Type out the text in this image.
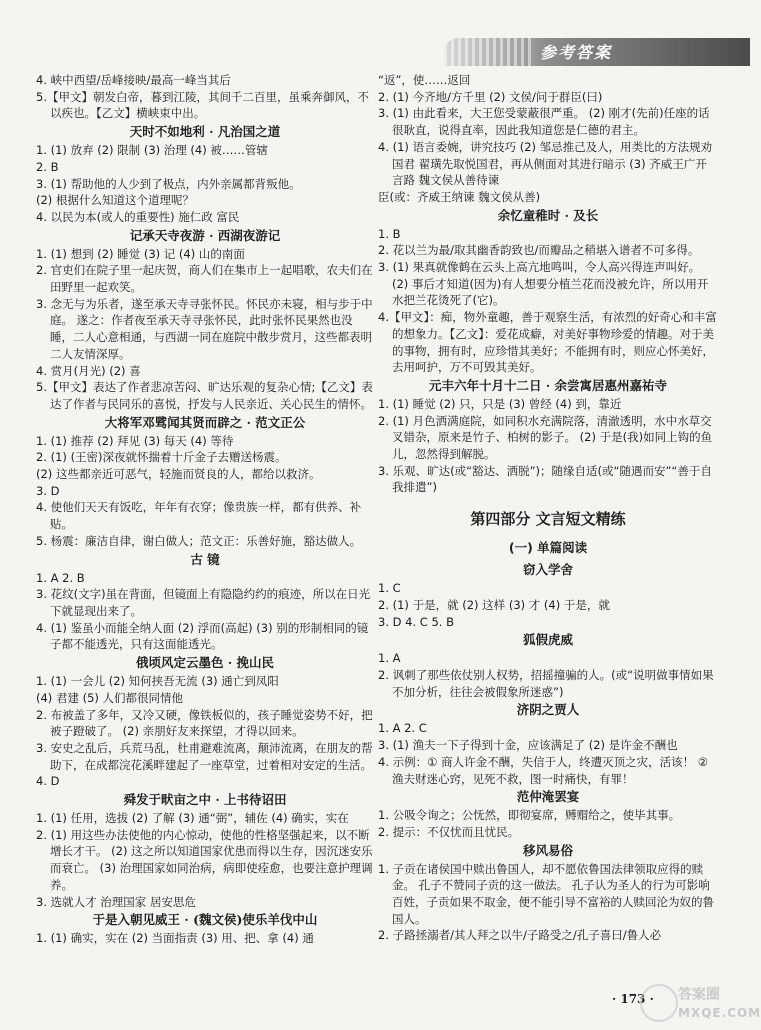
参考答案
4. 峡中西望/岳峰接映/最高一峰当其后
5.【甲文】朝发白帝，暮到江陵，其间千二百里，虽乘奔御风，不以疾也。【乙文】横峡束中出。
天时不如地利 · 凡治国之道
1. (1) 放弃 (2) 限制 (3) 治理 (4) 被……管辖
2. B
3. (1) 帮助他的人少到了极点，内外亲属都背叛他。
(2) 根据什么知道这个道理呢？
4. 以民为本(或人的重要性) 施仁政 富民
记承天寺夜游 · 西湖夜游记
1. (1) 想到 (2) 睡觉 (3) 记 (4) 山的南面
2. 官吏们在院子里一起庆贺，商人们在集市上一起唱歌，农夫们在田野里一起欢笑。
3. 念无与为乐者，遂至承天寺寻张怀民。怀民亦未寝，相与步于中庭。 遂之：作者夜至承天寺寻张怀民，此时张怀民果然也没睡，二人心意相通，与西湖一同在庭院中散步赏月，这些都表明二人友情深厚。
4. 赏月(月光) (2) 喜
5.【甲文】表达了作者悲凉苦闷、旷达乐观的复杂心情;【乙文】表达了作者与民同乐的喜悦，抒发与人民亲近、关心民生的情怀。
大将军邓骘闻其贤而辟之 · 范文正公
1. (1) 推荐 (2) 拜见 (3) 每天 (4) 等待
2. (1) (王密)深夜就怀揣着十斤金子去赠送杨震。
(2) 这些都亲近可恶气，轻施而贤良的人，都给以救济。
3. D
4. 使他们天天有饭吃，年年有衣穿；像贵族一样，都有供养、补贴。
5. 杨震：廉洁自律，谢白做人；范文正：乐善好施，豁达做人。
古 镜
1. A 2. B
3. 花纹(文字)虽在背面，但镜面上有隐隐约约的痕迹，所以在日光下就显现出来了。
4. (1) 鉴虽小而能全纳人面 (2) 浮而(高起) (3) 别的形制相同的镜子都不能透光，只有这面能透光。
俄顷风定云墨色 · 挽山民
1. (1) 一会儿 (2) 知何挟吾无流 (3) 通亡到凤阳
(4) 君建 (5) 人们都很同情他
2. 布被盖了多年，又冷又硬，像铁板似的，孩子睡觉姿势不好，把被子蹬破了。 (2) 亲朋好友来探望，才得以回来。
3. 安史之乱后，兵荒马乱，杜甫避难流离，颠沛流离，在朋友的帮助下，在成都浣花溪畔建起了一座草堂，过着相对安定的生活。
4. D
舜发于畎亩之中 · 上书待诏田
1. (1) 任用，选拔 (2) 了解 (3) 通“弼”，辅佐 (4) 确实，实在
2. (1) 用这些办法使他的内心惊动，使他的性格坚强起来，以不断增长才干。 (2) 这之所以知道国家优患而得以生存，因沉迷安乐而衰亡。 (3) 治理国家如同治病，病即使痊愈，也要注意护理调养。
3. 选就人才 治理国家 居安思危
于是入朝见威王 · (魏文侯)使乐羊伐中山
1. (1) 确实，实在 (2) 当面指责 (3) 用、把、拿 (4) 通
“返”，使……返回
2. (1) 今齐地/方千里 (2) 文侯/问于群臣(曰)
3. (1) 由此看来，大王您受蒙蔽很严重。 (2) 刚才(先前)任座的话很耿直，说得直率，因此我知道您是仁德的君主。
4. (1) 语言委婉，讲究技巧 (2) 邹忌推己及人，用类比的方法规劝国君 翟璜先取悦国君，再从侧面对其进行暗示 (3) 齐威王广开言路 魏文侯从善待谏
臣(或：齐威王纳谏 魏文侯从善)
余忆童稚时 · 及长
1. B
2. 花以兰为最/取其幽香韵致也/而瓣品之稍堪入谱者不可多得。
3. (1) 果真就像鹤在云头上高亢地鸣叫，令人高兴得连声叫好。 (2) 事后才知道(因为)有人想要分植兰花而没被允许，所以用开水把兰花烫死了(它)。
4.【甲文】：痴，物外童趣，善于观察生活，有浓烈的好奇心和丰富的想象力。【乙文】：爱花成癖，对美好事物珍爱的情趣。对于美的事物，拥有时，应珍惜其美好；不能拥有时，则应心怀美好，去用呵护，万不可毁其美好。
元丰六年十月十二日 · 余尝寓居惠州嘉祐寺
1. (1) 睡觉 (2) 只，只是 (3) 曾经 (4) 到，靠近
2. (1) 月色洒满庭院，如同积水充满院落，清澈透明，水中水草交叉错杂，原来是竹子、柏树的影子。 (2) 于是(我)如同上钩的鱼儿，忽然得到解脱。
3. 乐观、旷达(或“豁达、洒脱”)；随缘自适(或“随遇而安”“善于自我排遣”)
第四部分 文言短文精练
(一) 单篇阅读
窃入学舍
1. C
2. (1) 于是，就 (2) 这样 (3) 才 (4) 于是，就
3. D 4. C 5. B
狐假虎威
1. A
2. 讽刺了那些依仗别人权势，招摇撞骗的人。(或“说明做事情如果不加分析，往往会被假象所迷惑”)
济阴之贾人
1. A 2. C
3. (1) 渔夫一下子得到十金，应该满足了 (2) 是许金不酬也
4. 示例：① 商人许金不酬，失信于人，终遭灭顶之灾，活该！ ② 渔夫财迷心窍，见死不救，图一时痛快，有罪！
范仲淹罢宴
1. 公吸令询之；公怃然，即彻宴席，赙赗给之，使毕其事。
2. 提示：不仅忧而且忧民。
移风易俗
1. 子贡在诸侯国中赎出鲁国人，却不愿依鲁国法律领取应得的赎金。 孔子不赞同子贡的这一做法。 孔子认为圣人的行为可影响百姓，子贡如果不取金，便不能引导不富裕的人赎回沦为奴的鲁国人。
2. 子路拯溺者/其人拜之以牛/子路受之/孔子喜曰/鲁人必
· 173 · 答案圈
MXQE.COM
